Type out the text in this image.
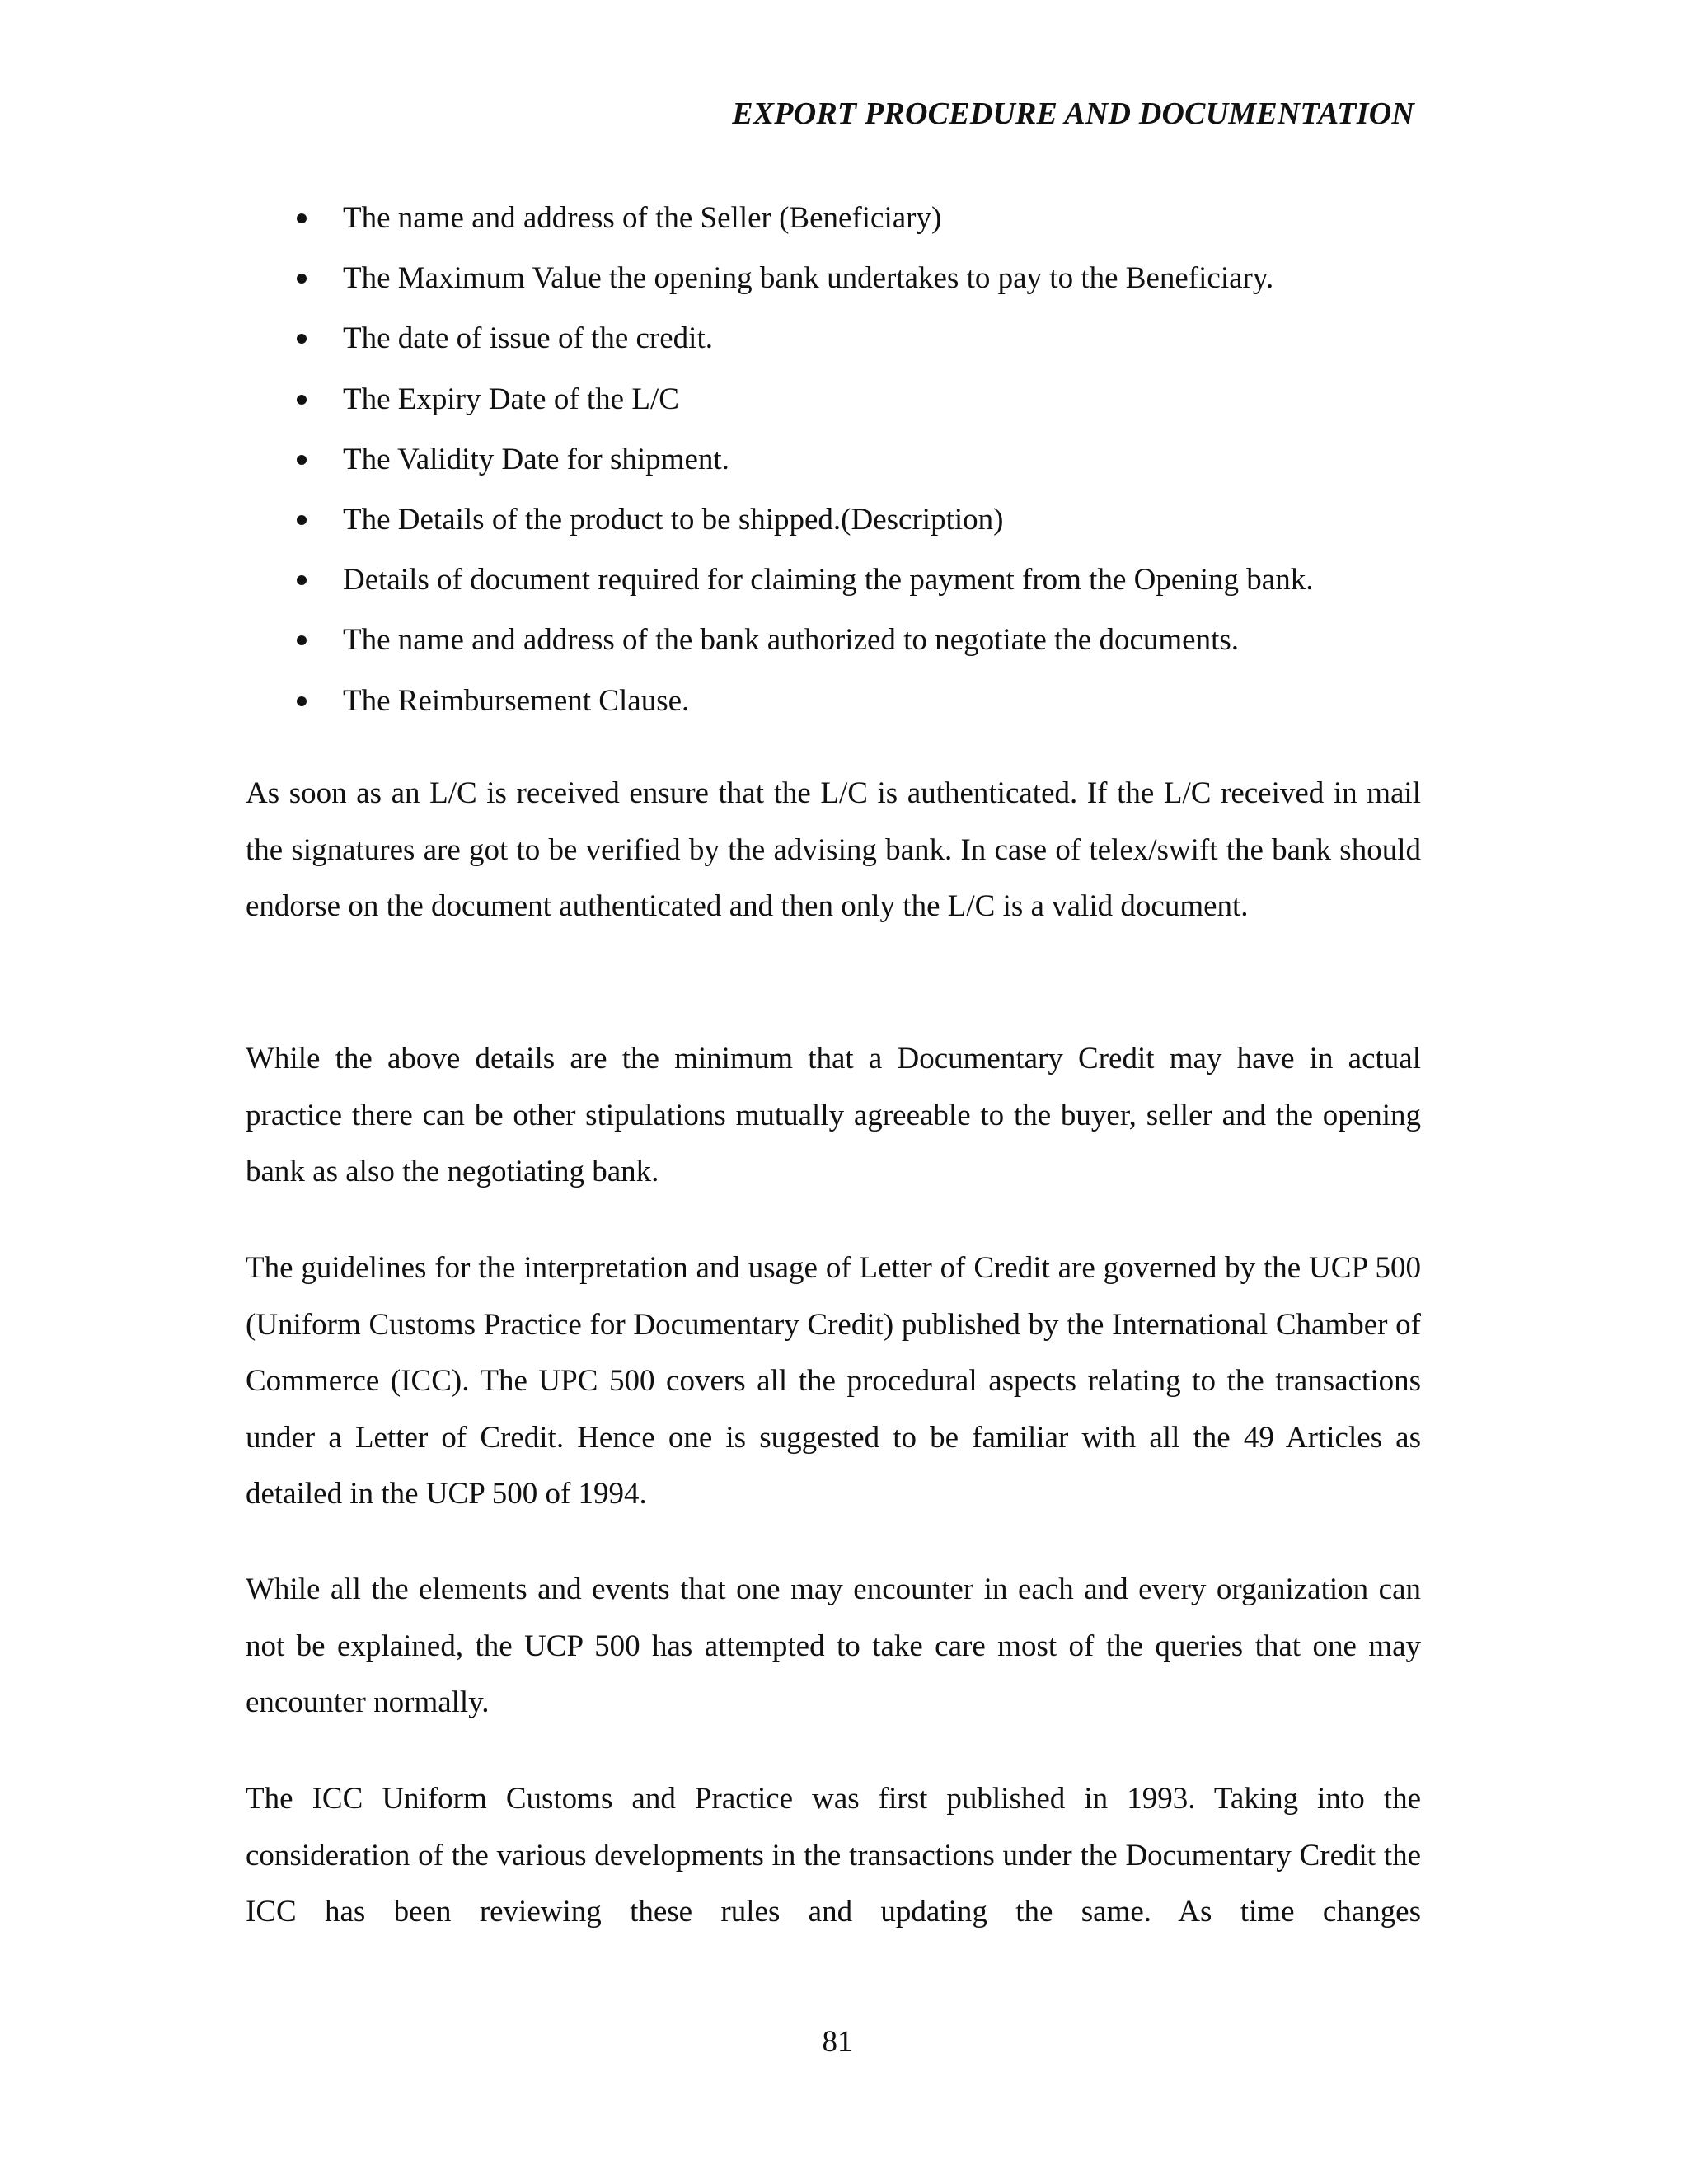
EXPORT PROCEDURE AND DOCUMENTATION
The name and address of the Seller (Beneficiary)
The Maximum Value the opening bank undertakes to pay to the Beneficiary.
The date of issue of the credit.
The Expiry Date of the L/C
The Validity Date for shipment.
The Details of the product to be shipped.(Description)
Details of document required for claiming the payment from the Opening bank.
The name and address of the bank authorized to negotiate the documents.
The Reimbursement Clause.

As soon as an L/C is received ensure that the L/C is authenticated. If the L/C received in mail the signatures are got to be verified by the advising bank. In case of telex/swift the bank should endorse on the document authenticated and then only the L/C is a valid document.

While the above details are the minimum that a Documentary Credit may have in actual practice there can be other stipulations mutually agreeable to the buyer, seller and the opening bank as also the negotiating bank.

The guidelines for the interpretation and usage of Letter of Credit are governed by the UCP 500 (Uniform Customs Practice for Documentary Credit) published by the International Chamber of Commerce (ICC). The UPC 500 covers all the procedural aspects relating to the transactions under a Letter of Credit. Hence one is suggested to be familiar with all the 49 Articles as detailed in the UCP 500 of 1994.

While all the elements and events that one may encounter in each and every organization can not be explained, the UCP 500 has attempted to take care most of the queries that one may encounter normally.

The ICC Uniform Customs and Practice was first published in 1993. Taking into the consideration of the various developments in the transactions under the Documentary Credit the ICC has been reviewing these rules and updating the same. As time changes

81
